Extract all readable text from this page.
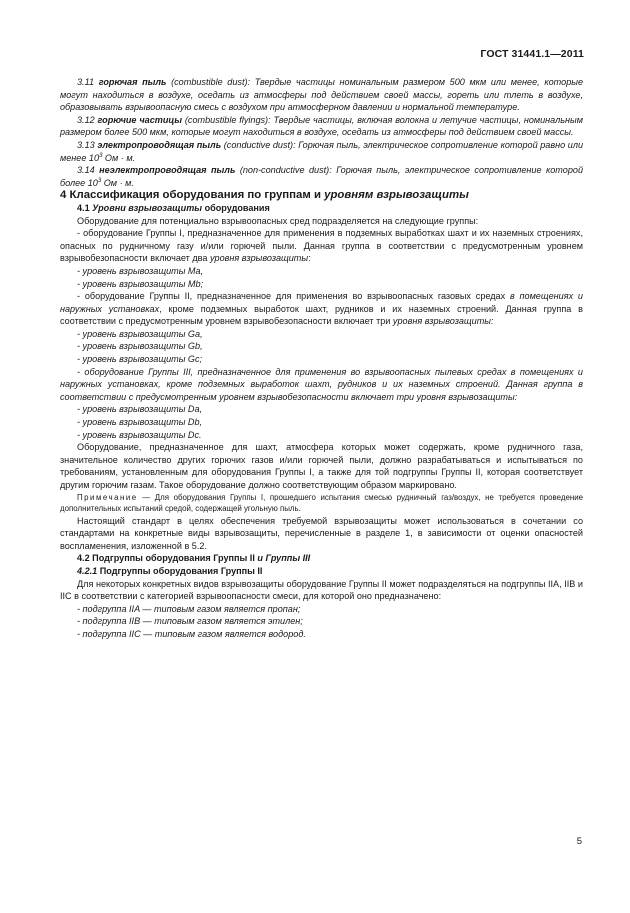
ГОСТ 31441.1—2011

3.11 горючая пыль (combustible dust): Твердые частицы номинальным размером 500 мкм или менее, которые могут находиться в воздухе, оседать из атмосферы под действием своей массы, гореть или тлеть в воздухе, образовывать взрывоопасную смесь с воздухом при атмосферном давлении и нормальной температуре.

3.12 горючие частицы (combustible flyings): Твердые частицы, включая волокна и летучие частицы, номинальным размером более 500 мкм, которые могут находиться в воздухе, оседать из атмосферы под действием своей массы.

3.13 электропроводящая пыль (conductive dust): Горючая пыль, электрическое сопротивление которой равно или менее $10^3$ Ом · м.

3.14 неэлектропроводящая пыль (non-conductive dust): Горючая пыль, электрическое сопротивление которой более $10^3$ Ом · м.

4 Классификация оборудования по группам и уровням взрывозащиты

4.1 Уровни взрывозащиты оборудования

Оборудование для потенциально взрывоопасных сред подразделяется на следующие группы:

- оборудование Группы I, предназначенное для применения в подземных выработках шахт и их наземных строениях, опасных по рудничному газу и/или горючей пыли. Данная группа в соответствии с предусмотренным уровнем взрывобезопасности включает два уровня взрывозащиты:

- уровень взрывозащиты Ma,

- уровень взрывозащиты Mb;

- оборудование Группы II, предназначенное для применения во взрывоопасных газовых средах в помещениях и наружных установках, кроме подземных выработок шахт, рудников и их наземных строений. Данная группа в соответствии с предусмотренным уровнем взрывобезопасности включает три уровня взрывозащиты:

- уровень взрывозащиты Ga,

- уровень взрывозащиты Gb,

- уровень взрывозащиты Gc;

- оборудование Группы III, предназначенное для применения во взрывоопасных пылевых средах в помещениях и наружных установках, кроме подземных выработок шахт, рудников и их наземных строений. Данная группа в соответствии с предусмотренным уровнем взрывобезопасности включает три уровня взрывозащиты:

- уровень взрывозащиты Da,

- уровень взрывозащиты Db,

- уровень взрывозащиты Dc.

Оборудование, предназначенное для шахт, атмосфера которых может содержать, кроме рудничного газа, значительное количество других горючих газов и/или горючей пыли, должно разрабатываться и испытываться по требованиям, установленным для оборудования Группы I, а также для той подгруппы Группы II, которая соответствует другим горючим газам. Такое оборудование должно соответствующим образом маркировано.

Примечание — Для оборудования Группы I, прошедшего испытания смесью рудничный газ/воздух, не требуется проведение дополнительных испытаний средой, содержащей угольную пыль.

Настоящий стандарт в целях обеспечения требуемой взрывозащиты может использоваться в сочетании со стандартами на конкретные виды взрывозащиты, перечисленные в разделе 1, в зависимости от оценки опасностей воспламенения, изложенной в 5.2.

4.2 Подгруппы оборудования Группы II и Группы III

4.2.1 Подгруппы оборудования Группы II

Для некоторых конкретных видов взрывозащиты оборудование Группы II может подразделяться на подгруппы IIA, IIB и IIC в соответствии с категорией взрывоопасности смеси, для которой оно предназначено:

- подгруппа IIA — типовым газом является пропан;

- подгруппа IIB — типовым газом является этилен;

- подгруппа IIC — типовым газом является водород.

5
